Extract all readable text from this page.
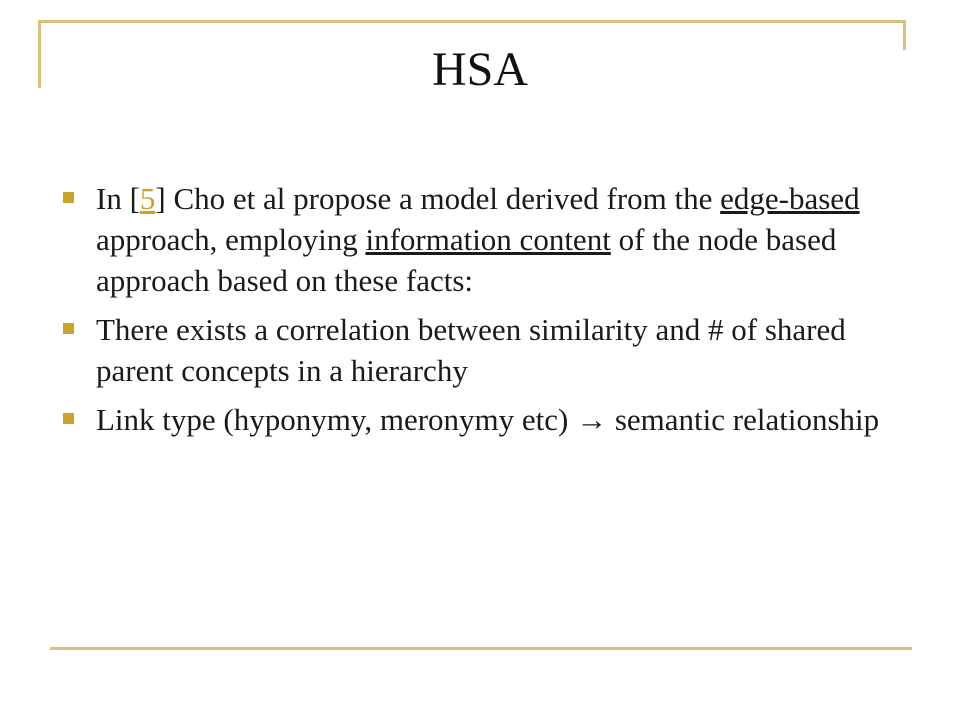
HSA
In [5] Cho et al propose a model derived from the edge-based approach, employing information content of the node based approach based on these facts:
There exists a correlation between similarity and # of shared parent concepts in a hierarchy
Link type (hyponymy, meronymy etc) → semantic relationship
